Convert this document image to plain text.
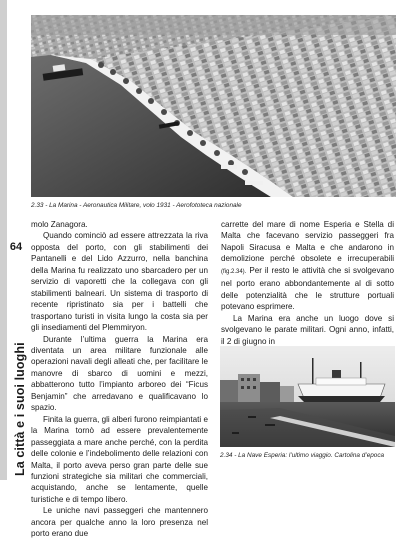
64
La città e i suoi luoghi
2.33 - La Marina - Aeronautica Militare, volo 1931 - Aerofototeca nazionale

molo Zanagora.

Quando cominciò ad essere attrezzata la riva opposta del porto, con gli stabilimenti dei Pantanelli e del Lido Azzurro, nella banchina della Marina fu realizzato uno sbarcadero per un servizio di vaporetti che la collegava con gli stabilimenti balneari. Un sistema di trasporto di recente ripristinato sia per i battelli che trasportano turisti in visita lungo la costa sia per gli insediamenti del Plemmiryon.

Durante l’ultima guerra la Marina era diventata un area militare funzionale alle operazioni navali degli alleati che, per facilitare le manovre di sbarco di uomini e mezzi, abbatterono tutto l’impianto arboreo dei “Ficus Benjamin” che arredavano e qualificavano lo spazio.

Finita la guerra, gli alberi furono reimpiantati e la Marina tornò ad essere prevalentemente passeggiata a mare anche perché, con la perdita delle colonie e l’indebolimento delle relazioni con Malta, il porto aveva perso gran parte delle sue funzioni strategiche sia militari che commerciali, acquistando, anche se lentamente, quelle turistiche e di tempo libero.

Le uniche navi passeggeri che mantennero ancora per qualche anno la loro presenza nel porto erano due

carrette del mare di nome Esperia e Stella di Malta che facevano servizio passeggeri fra Napoli Siracusa e Malta e che andarono in demolizione perché obsolete e irrecuperabili (fig.2.34). Per il resto le attività che si svolgevano nel porto erano abbondantemente al di sotto delle potenzialità che le strutture portuali potevano esprimere.

La Marina era anche un luogo dove si svolgevano le parate militari. Ogni anno, infatti, il 2 di giugno in

2.34 - La Nave Esperia: l’ultimo viaggio. Cartolina d’epoca
